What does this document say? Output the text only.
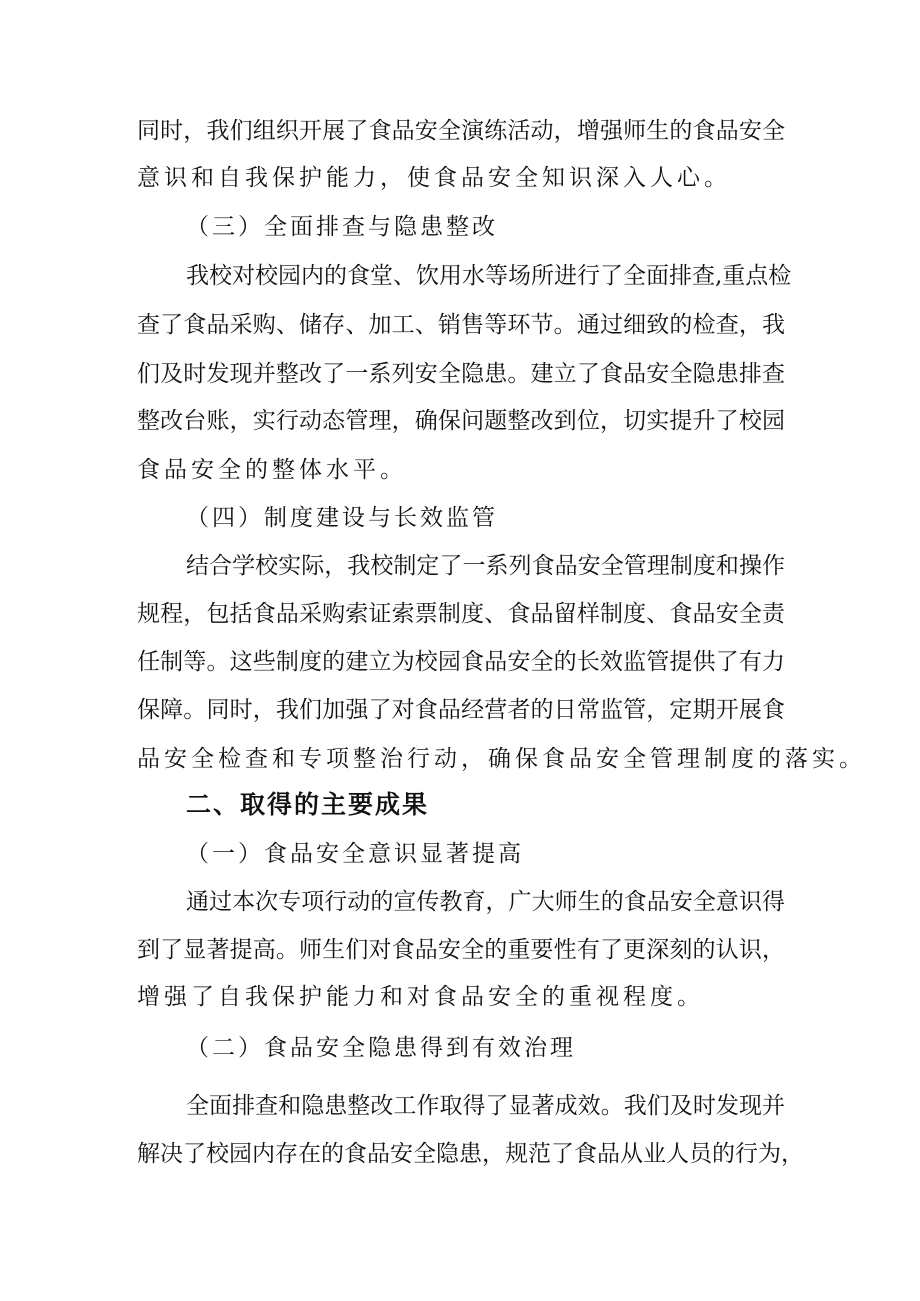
同时，我们组织开展了食品安全演练活动，增强师生的食品安全
意识和自我保护能力，使食品安全知识深入人心。
（三）全面排查与隐患整改
我校对校园内的食堂、饮用水等场所进行了全面排查,重点检
查了食品采购、储存、加工、销售等环节。通过细致的检查，我
们及时发现并整改了一系列安全隐患。建立了食品安全隐患排查
整改台账，实行动态管理，确保问题整改到位，切实提升了校园
食品安全的整体水平。
（四）制度建设与长效监管
结合学校实际，我校制定了一系列食品安全管理制度和操作
规程，包括食品采购索证索票制度、食品留样制度、食品安全责
任制等。这些制度的建立为校园食品安全的长效监管提供了有力
保障。同时，我们加强了对食品经营者的日常监管，定期开展食
品安全检查和专项整治行动，确保食品安全管理制度的落实。
二、取得的主要成果
（一）食品安全意识显著提高
通过本次专项行动的宣传教育，广大师生的食品安全意识得
到了显著提高。师生们对食品安全的重要性有了更深刻的认识，
增强了自我保护能力和对食品安全的重视程度。
（二）食品安全隐患得到有效治理
全面排查和隐患整改工作取得了显著成效。我们及时发现并
解决了校园内存在的食品安全隐患，规范了食品从业人员的行为，
